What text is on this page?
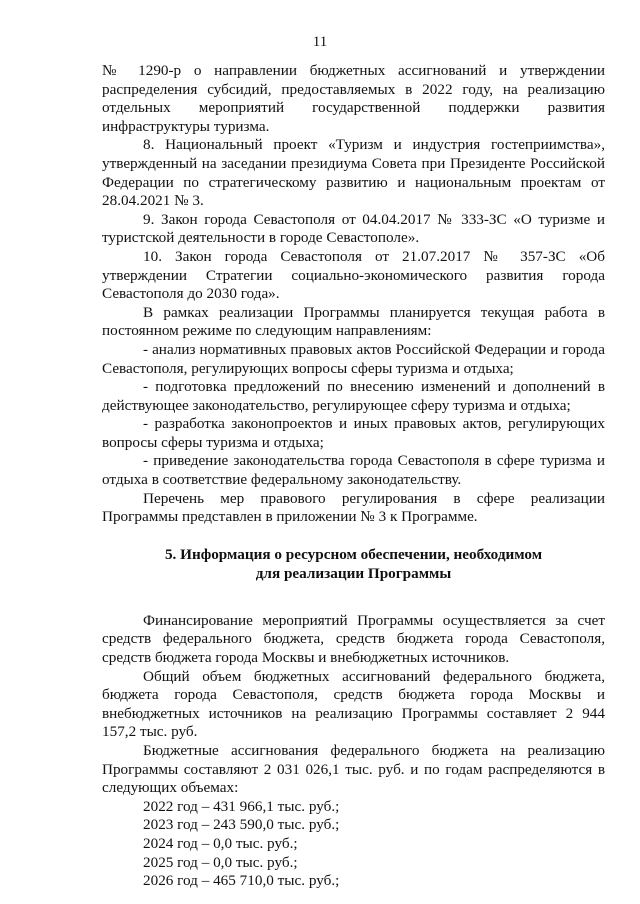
11

№ 1290-р о направлении бюджетных ассигнований и утверждении распределения субсидий, предоставляемых в 2022 году, на реализацию отдельных мероприятий государственной поддержки развития инфраструктуры туризма.

8. Национальный проект «Туризм и индустрия гостеприимства», утвержденный на заседании президиума Совета при Президенте Российской Федерации по стратегическому развитию и национальным проектам от 28.04.2021 № 3.

9. Закон города Севастополя от 04.04.2017 № 333-ЗС «О туризме и туристской деятельности в городе Севастополе».

10. Закон города Севастополя от 21.07.2017 № 357-ЗС «Об утверждении Стратегии социально-экономического развития города Севастополя до 2030 года».

В рамках реализации Программы планируется текущая работа в постоянном режиме по следующим направлениям:

- анализ нормативных правовых актов Российской Федерации и города Севастополя, регулирующих вопросы сферы туризма и отдыха;

- подготовка предложений по внесению изменений и дополнений в действующее законодательство, регулирующее сферу туризма и отдыха;

- разработка законопроектов и иных правовых актов, регулирующих вопросы сферы туризма и отдыха;

- приведение законодательства города Севастополя в сфере туризма и отдыха в соответствие федеральному законодательству.

Перечень мер правового регулирования в сфере реализации Программы представлен в приложении № 3 к Программе.

5. Информация о ресурсном обеспечении, необходимом

для реализации Программы

Финансирование мероприятий Программы осуществляется за счет средств федерального бюджета, средств бюджета города Севастополя, средств бюджета города Москвы и внебюджетных источников.

Общий объем бюджетных ассигнований федерального бюджета, бюджета города Севастополя, средств бюджета города Москвы и внебюджетных источников на реализацию Программы составляет 2 944 157,2 тыс. руб.

Бюджетные ассигнования федерального бюджета на реализацию Программы составляют 2 031 026,1 тыс. руб. и по годам распределяются в следующих объемах:

2022 год – 431 966,1 тыс. руб.;

2023 год – 243 590,0 тыс. руб.;

2024 год – 0,0 тыс. руб.;

2025 год – 0,0 тыс. руб.;

2026 год – 465 710,0 тыс. руб.;
